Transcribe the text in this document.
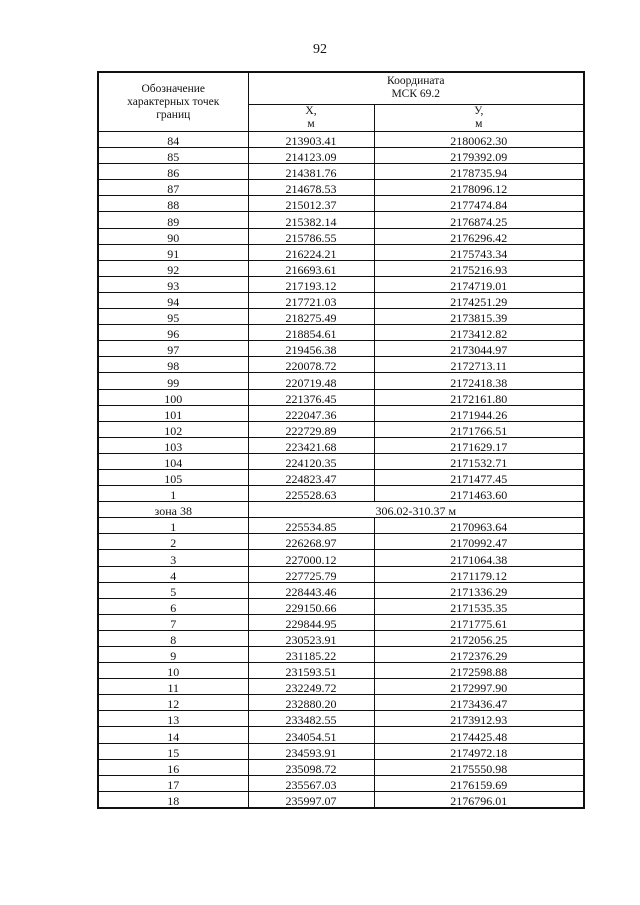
92
Обозначение характерных точек границ	Координата
МСК 69.2	

	X,
м	У,
м

84	213903.41	2180062.30
85	214123.09	2179392.09
86	214381.76	2178735.94
87	214678.53	2178096.12
88	215012.37	2177474.84
89	215382.14	2176874.25
90	215786.55	2176296.42
91	216224.21	2175743.34
92	216693.61	2175216.93
93	217193.12	2174719.01
94	217721.03	2174251.29
95	218275.49	2173815.39
96	218854.61	2173412.82
97	219456.38	2173044.97
98	220078.72	2172713.11
99	220719.48	2172418.38
100	221376.45	2172161.80
101	222047.36	2171944.26
102	222729.89	2171766.51
103	223421.68	2171629.17
104	224120.35	2171532.71
105	224823.47	2171477.45
1	225528.63	2171463.60
зона 38	306.02-310.37 м	
1	225534.85	2170963.64
2	226268.97	2170992.47
3	227000.12	2171064.38
4	227725.79	2171179.12
5	228443.46	2171336.29
6	229150.66	2171535.35
7	229844.95	2171775.61
8	230523.91	2172056.25
9	231185.22	2172376.29
10	231593.51	2172598.88
11	232249.72	2172997.90
12	232880.20	2173436.47
13	233482.55	2173912.93
14	234054.51	2174425.48
15	234593.91	2174972.18
16	235098.72	2175550.98
17	235567.03	2176159.69
18	235997.07	2176796.01
